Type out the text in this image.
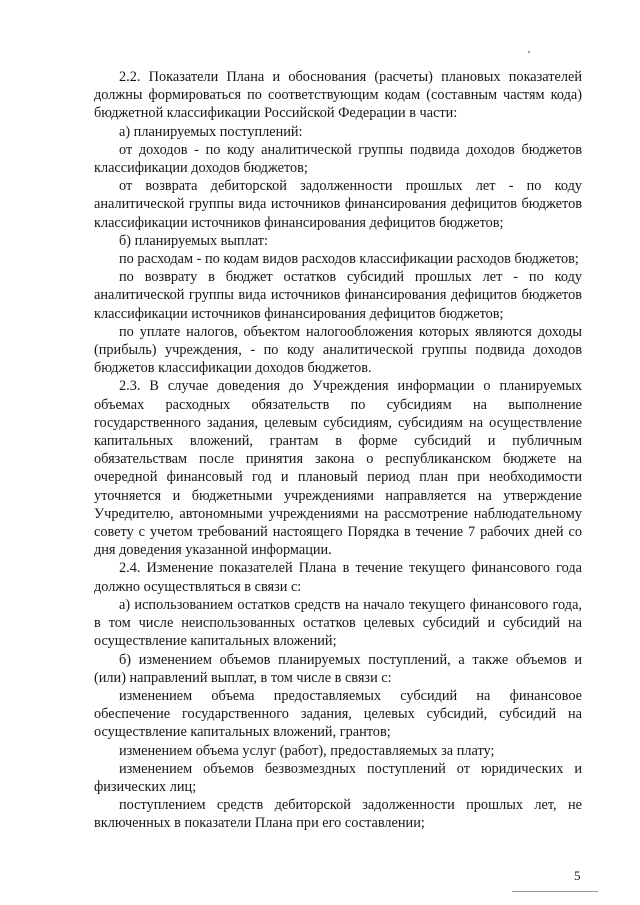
2.2. Показатели Плана и обоснования (расчеты) плановых показателей должны формироваться по соответствующим кодам (составным частям кода) бюджетной классификации Российской Федерации в части:

а) планируемых поступлений:

от доходов - по коду аналитической группы подвида доходов бюджетов классификации доходов бюджетов;

от возврата дебиторской задолженности прошлых лет - по коду аналитической группы вида источников финансирования дефицитов бюджетов классификации источников финансирования дефицитов бюджетов;

б) планируемых выплат:

по расходам - по кодам видов расходов классификации расходов бюджетов;

по возврату в бюджет остатков субсидий прошлых лет - по коду аналитической группы вида источников финансирования дефицитов бюджетов классификации источников финансирования дефицитов бюджетов;

по уплате налогов, объектом налогообложения которых являются доходы (прибыль) учреждения, - по коду аналитической группы подвида доходов бюджетов классификации доходов бюджетов.

2.3. В случае доведения до Учреждения информации о планируемых объемах расходных обязательств по субсидиям на выполнение государственного задания, целевым субсидиям, субсидиям на осуществление капитальных вложений, грантам в форме субсидий и публичным обязательствам после принятия закона о республиканском бюджете на очередной финансовый год и плановый период план при необходимости уточняется и бюджетными учреждениями направляется на утверждение Учредителю, автономными учреждениями на рассмотрение наблюдательному совету с учетом требований настоящего Порядка в течение 7 рабочих дней со дня доведения указанной информации.

2.4. Изменение показателей Плана в течение текущего финансового года должно осуществляться в связи с:

а) использованием остатков средств на начало текущего финансового года, в том числе неиспользованных остатков целевых субсидий и субсидий на осуществление капитальных вложений;

б) изменением объемов планируемых поступлений, а также объемов и (или) направлений выплат, в том числе в связи с:

изменением объема предоставляемых субсидий на финансовое обеспечение государственного задания, целевых субсидий, субсидий на осуществление капитальных вложений, грантов;

изменением объема услуг (работ), предоставляемых за плату;

изменением объемов безвозмездных поступлений от юридических и физических лиц;

поступлением средств дебиторской задолженности прошлых лет, не включенных в показатели Плана при его составлении;

5
